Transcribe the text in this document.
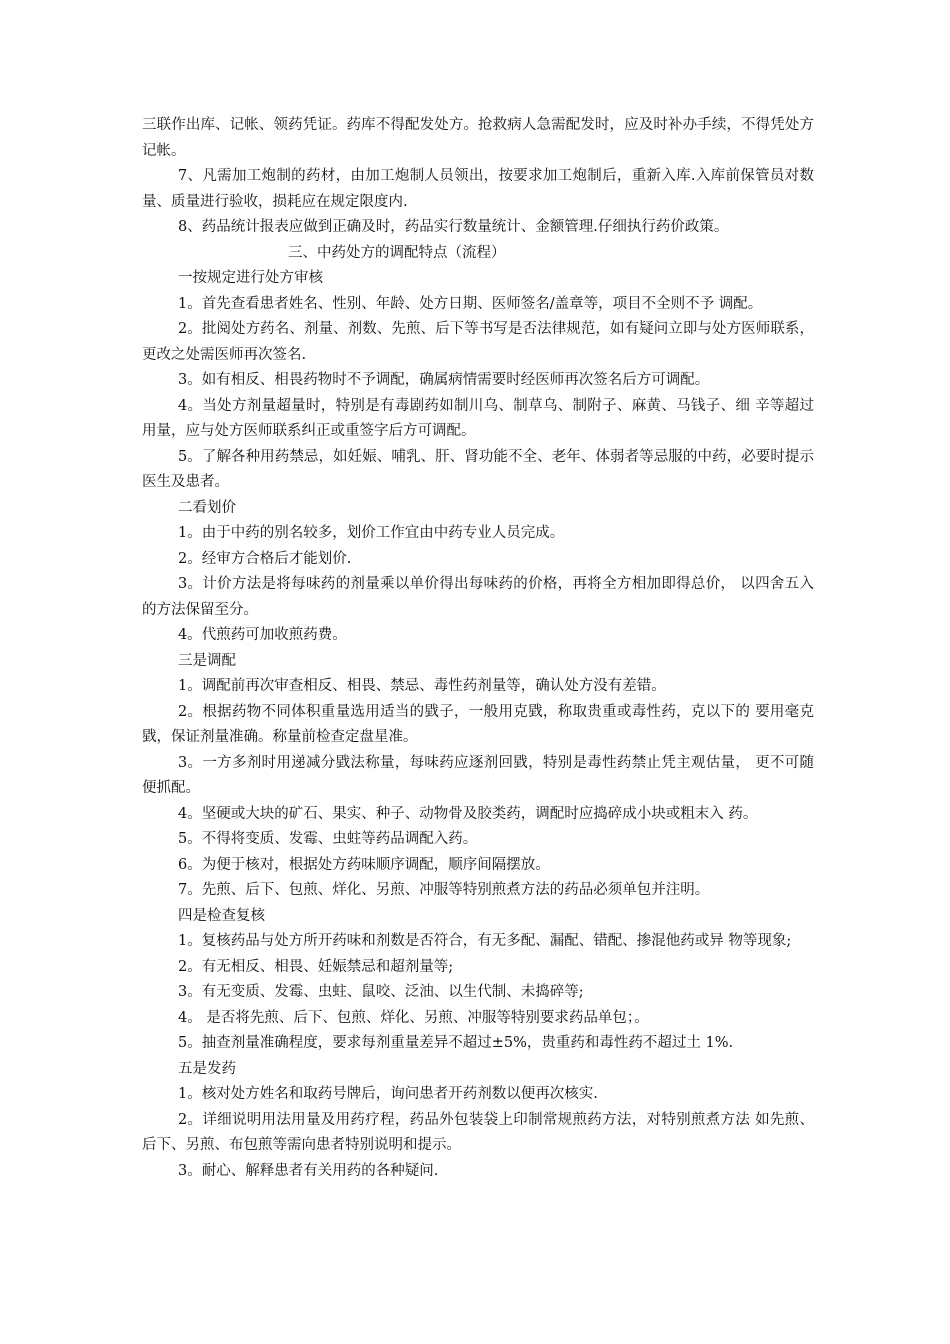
三联作出库、记帐、领药凭证。药库不得配发处方。抢救病人急需配发时，应及时补办手续，不得凭处方记帐。

7、凡需加工炮制的药材，由加工炮制人员领出，按要求加工炮制后，重新入库.入库前保管员对数量、质量进行验收，损耗应在规定限度内.

8、药品统计报表应做到正确及时，药品实行数量统计、金额管理.仔细执行药价政策。

三、中药处方的调配特点（流程）

一按规定进行处方审核

1。首先查看患者姓名、性别、年龄、处方日期、医师签名/盖章等，项目不全则不予 调配。

2。批阅处方药名、剂量、剂数、先煎、后下等书写是否法律规范，如有疑问立即与处方医师联系，更改之处需医师再次签名.

3。如有相反、相畏药物时不予调配，确属病情需要时经医师再次签名后方可调配。

4。当处方剂量超量时，特别是有毒剧药如制川乌、制草乌、制附子、麻黄、马钱子、细 辛等超过用量，应与处方医师联系纠正或重签字后方可调配。

5。了解各种用药禁忌，如妊娠、哺乳、肝、肾功能不全、老年、体弱者等忌服的中药，必要时提示医生及患者。

二看划价

1。由于中药的别名较多，划价工作宜由中药专业人员完成。

2。经审方合格后才能划价.

3。计价方法是将每味药的剂量乘以单价得出每味药的价格，再将全方相加即得总价， 以四舍五入的方法保留至分。

4。代煎药可加收煎药费。

三是调配

1。调配前再次审查相反、相畏、禁忌、毒性药剂量等，确认处方没有差错。

2。根据药物不同体积重量选用适当的戥子，一般用克戥，称取贵重或毒性药，克以下的 要用毫克戥，保证剂量准确。称量前检查定盘星准。

3。一方多剂时用递减分戥法称量，每味药应逐剂回戥，特别是毒性药禁止凭主观估量， 更不可随便抓配。

4。坚硬或大块的矿石、果实、种子、动物骨及胶类药，调配时应捣碎成小块或粗末入 药。

5。不得将变质、发霉、虫蛀等药品调配入药。

6。为便于核对，根据处方药味顺序调配，顺序间隔摆放。

7。先煎、后下、包煎、烊化、另煎、冲服等特别煎煮方法的药品必须单包并注明。

四是检查复核

1。复核药品与处方所开药味和剂数是否符合，有无多配、漏配、错配、掺混他药或异 物等现象;

2。有无相反、相畏、妊娠禁忌和超剂量等;

3。有无变质、发霉、虫蛀、鼠咬、泛油、以生代制、未捣碎等;

4。 是否将先煎、后下、包煎、烊化、另煎、冲服等特别要求药品单包；。

5。抽查剂量准确程度，要求每剂重量差异不超过±5%，贵重药和毒性药不超过土 1%.

五是发药

1。核对处方姓名和取药号牌后，询问患者开药剂数以便再次核实.

2。详细说明用法用量及用药疗程，药品外包装袋上印制常规煎药方法，对特别煎煮方法 如先煎、后下、另煎、布包煎等需向患者特别说明和提示。

3。耐心、解释患者有关用药的各种疑问.
